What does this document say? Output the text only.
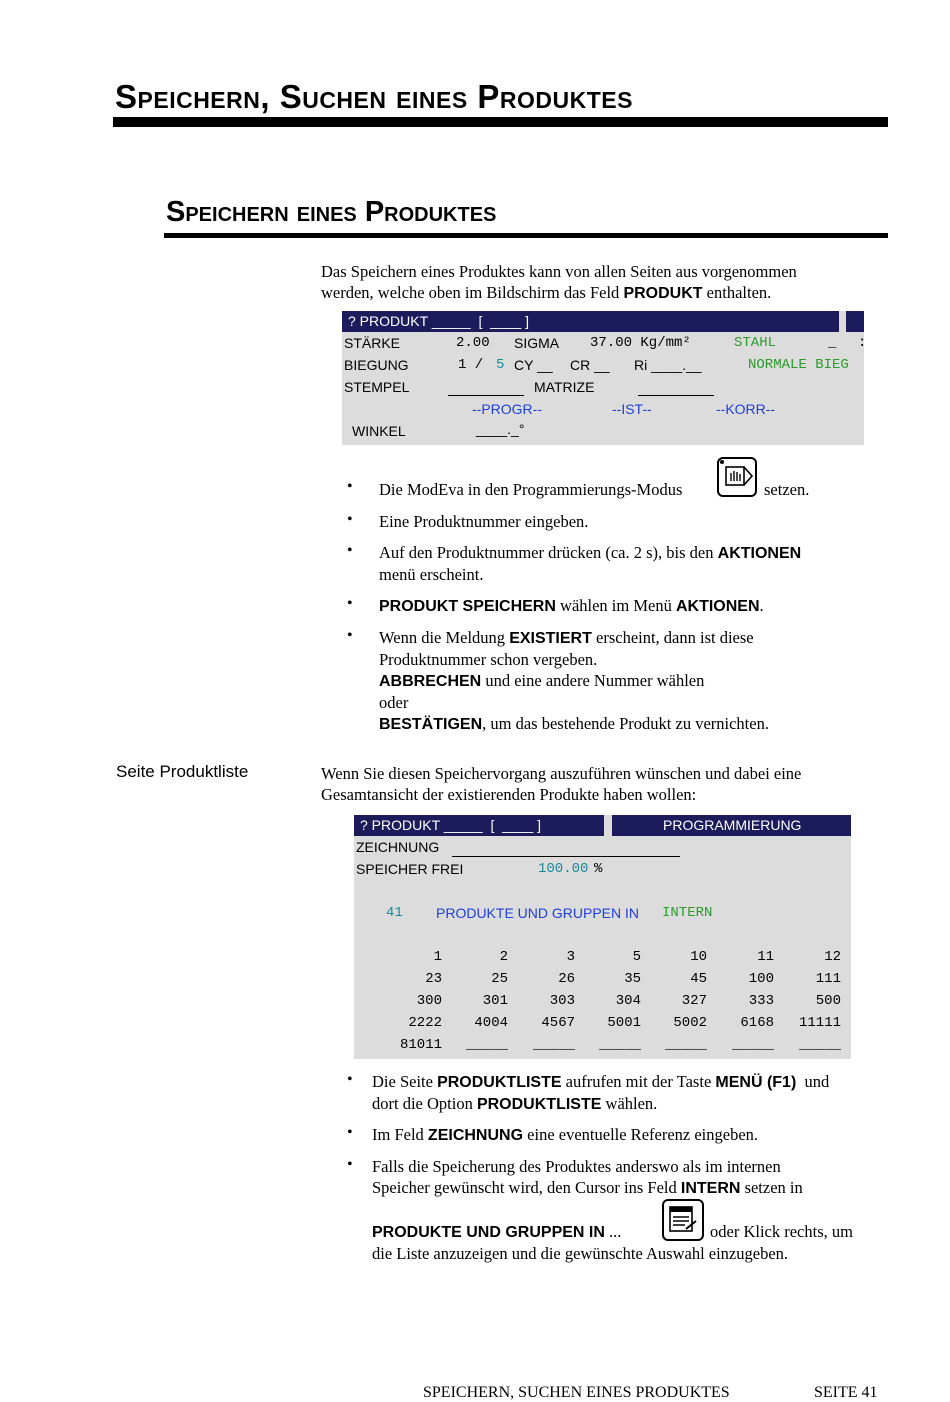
Speichern, Suchen eines Produktes
Speichern eines Produktes
Das Speichern eines Produktes kann von allen Seiten aus vorgenommen
werden, welche oben im Bildschirm das Feld PRODUKT enthalten.
? PRODUKT _____  [  ____ ]
STÄRKE	2.00 SIGMA 37.00 Kg/mm²	STAHL	_ :
BIEGUNG	1 / 5 CY __ CR __ Ri ____.__	NORMALE BIEG
STEMPEL	MATRIZE
--PROGR--	--IST--	--KORR--
WINKEL	____._°
• Die ModEva in den Programmierungs-Modus	setzen.
• Eine Produktnummer eingeben.
• Auf den Produktnummer drücken (ca. 2 s), bis den AKTIONEN
menü erscheint.
• PRODUKT SPEICHERN wählen im Menü AKTIONEN.
• Wenn die Meldung EXISTIERT erscheint, dann ist diese
Produktnummer schon vergeben.
ABBRECHEN und eine andere Nummer wählen
oder
BESTÄTIGEN, um das bestehende Produkt zu vernichten.
Seite Produktliste	Wenn Sie diesen Speichervorgang auszuführen wünschen und dabei eine
Gesamtansicht der existierenden Produkte haben wollen:
? PRODUKT _____  [  ____ ]	PROGRAMMIERUNG
ZEICHNUNG
SPEICHER FREI	100.00 %
41 PRODUKTE UND GRUPPEN IN INTERN
1	2	3	5	10	11	12
23	25	26	35	45	100	111
300	301	303	304	327	333	500
2222 4004 4567 5001 5002 6168 11111
81011 _____ _____ _____ _____ _____ _____
• Die Seite PRODUKTLISTE aufrufen mit der Taste MENÜ (F1)  und
dort die Option PRODUKTLISTE wählen.
• Im Feld ZEICHNUNG eine eventuelle Referenz eingeben.
• Falls die Speicherung des Produktes anderswo als im internen
Speicher gewünscht wird, den Cursor ins Feld INTERN setzen in
PRODUKTE UND GRUPPEN IN ...	oder Klick rechts, um
die Liste anzuzeigen und die gewünschte Auswahl einzugeben.
SPEICHERN, SUCHEN EINES PRODUKTES	SEITE 41
